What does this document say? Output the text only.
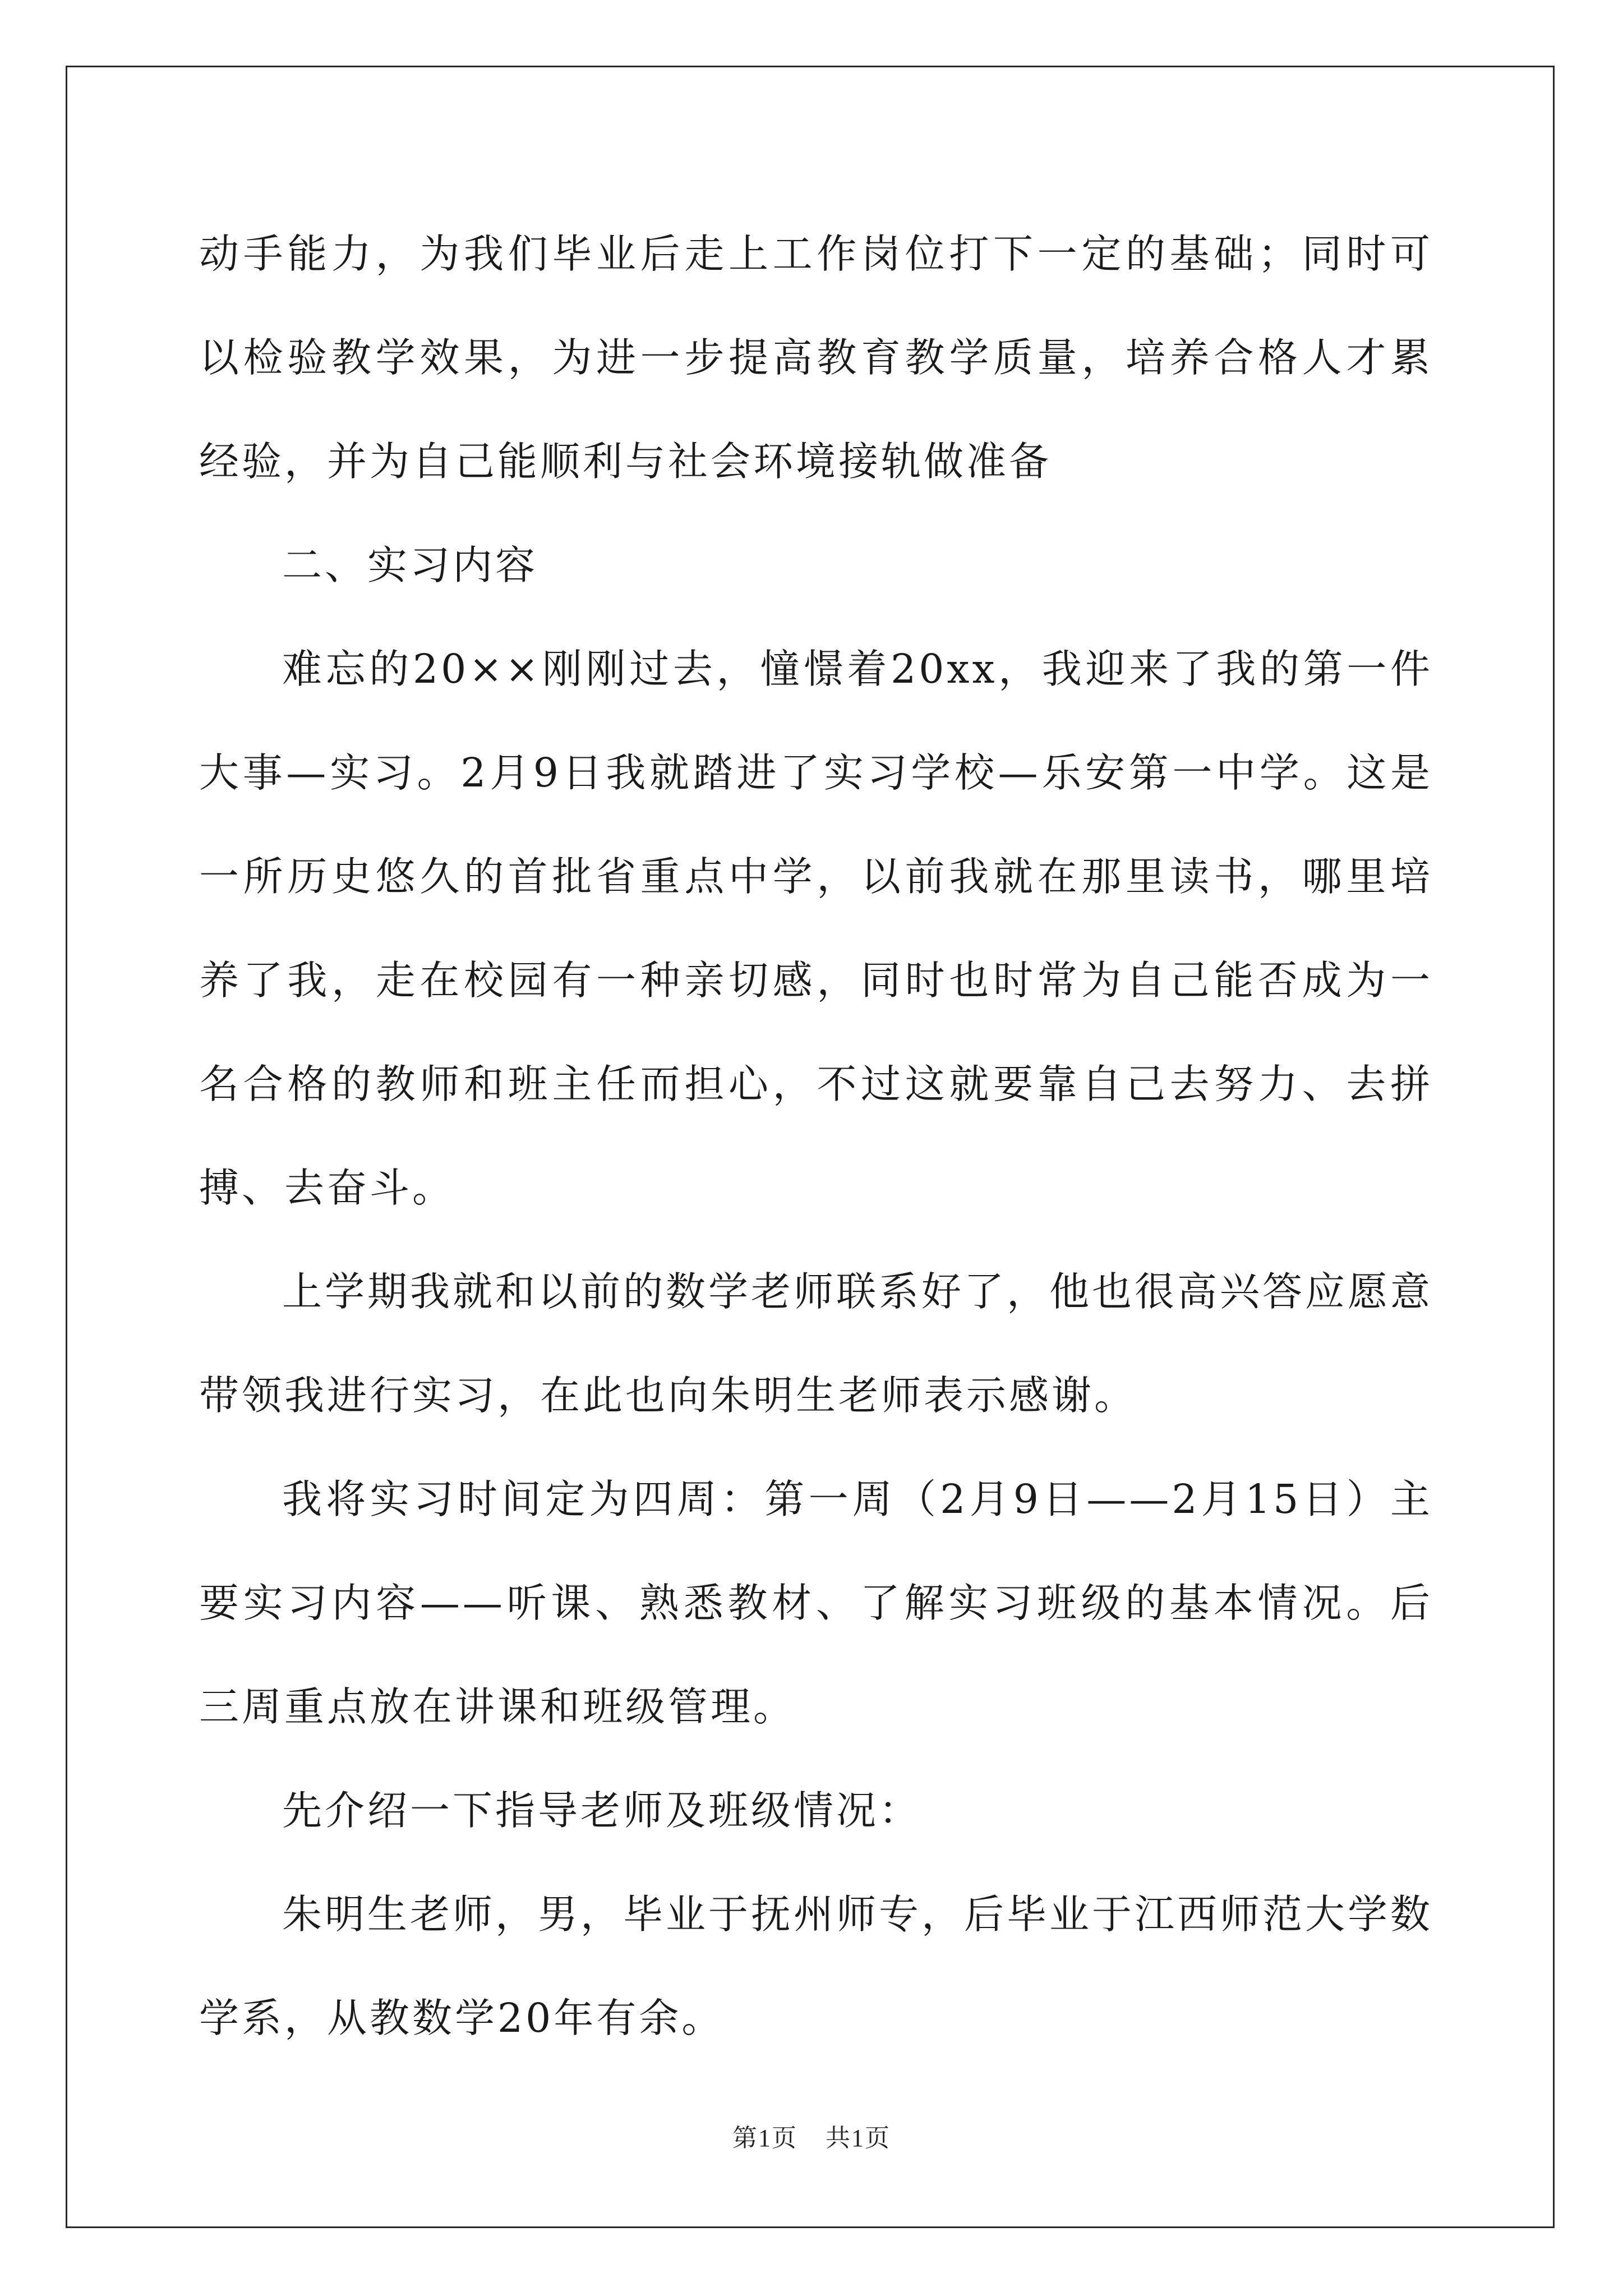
动手能力，为我们毕业后走上工作岗位打下一定的基础；同时可以检验教学效果，为进一步提高教育教学质量，培养合格人才累经验，并为自己能顺利与社会环境接轨做准备

二、实习内容

难忘的20××刚刚过去，憧憬着20xx，我迎来了我的第一件大事—实习。2月9日我就踏进了实习学校—乐安第一中学。这是一所历史悠久的首批省重点中学，以前我就在那里读书，哪里培养了我，走在校园有一种亲切感，同时也时常为自己能否成为一名合格的教师和班主任而担心，不过这就要靠自己去努力、去拼搏、去奋斗。

上学期我就和以前的数学老师联系好了，他也很高兴答应愿意带领我进行实习，在此也向朱明生老师表示感谢。

我将实习时间定为四周：第一周（2月9日——2月15日）主要实习内容——听课、熟悉教材、了解实习班级的基本情况。后三周重点放在讲课和班级管理。

先介绍一下指导老师及班级情况：

朱明生老师，男，毕业于抚州师专，后毕业于江西师范大学数学系，从教数学20年有余。

第1页 共1页
